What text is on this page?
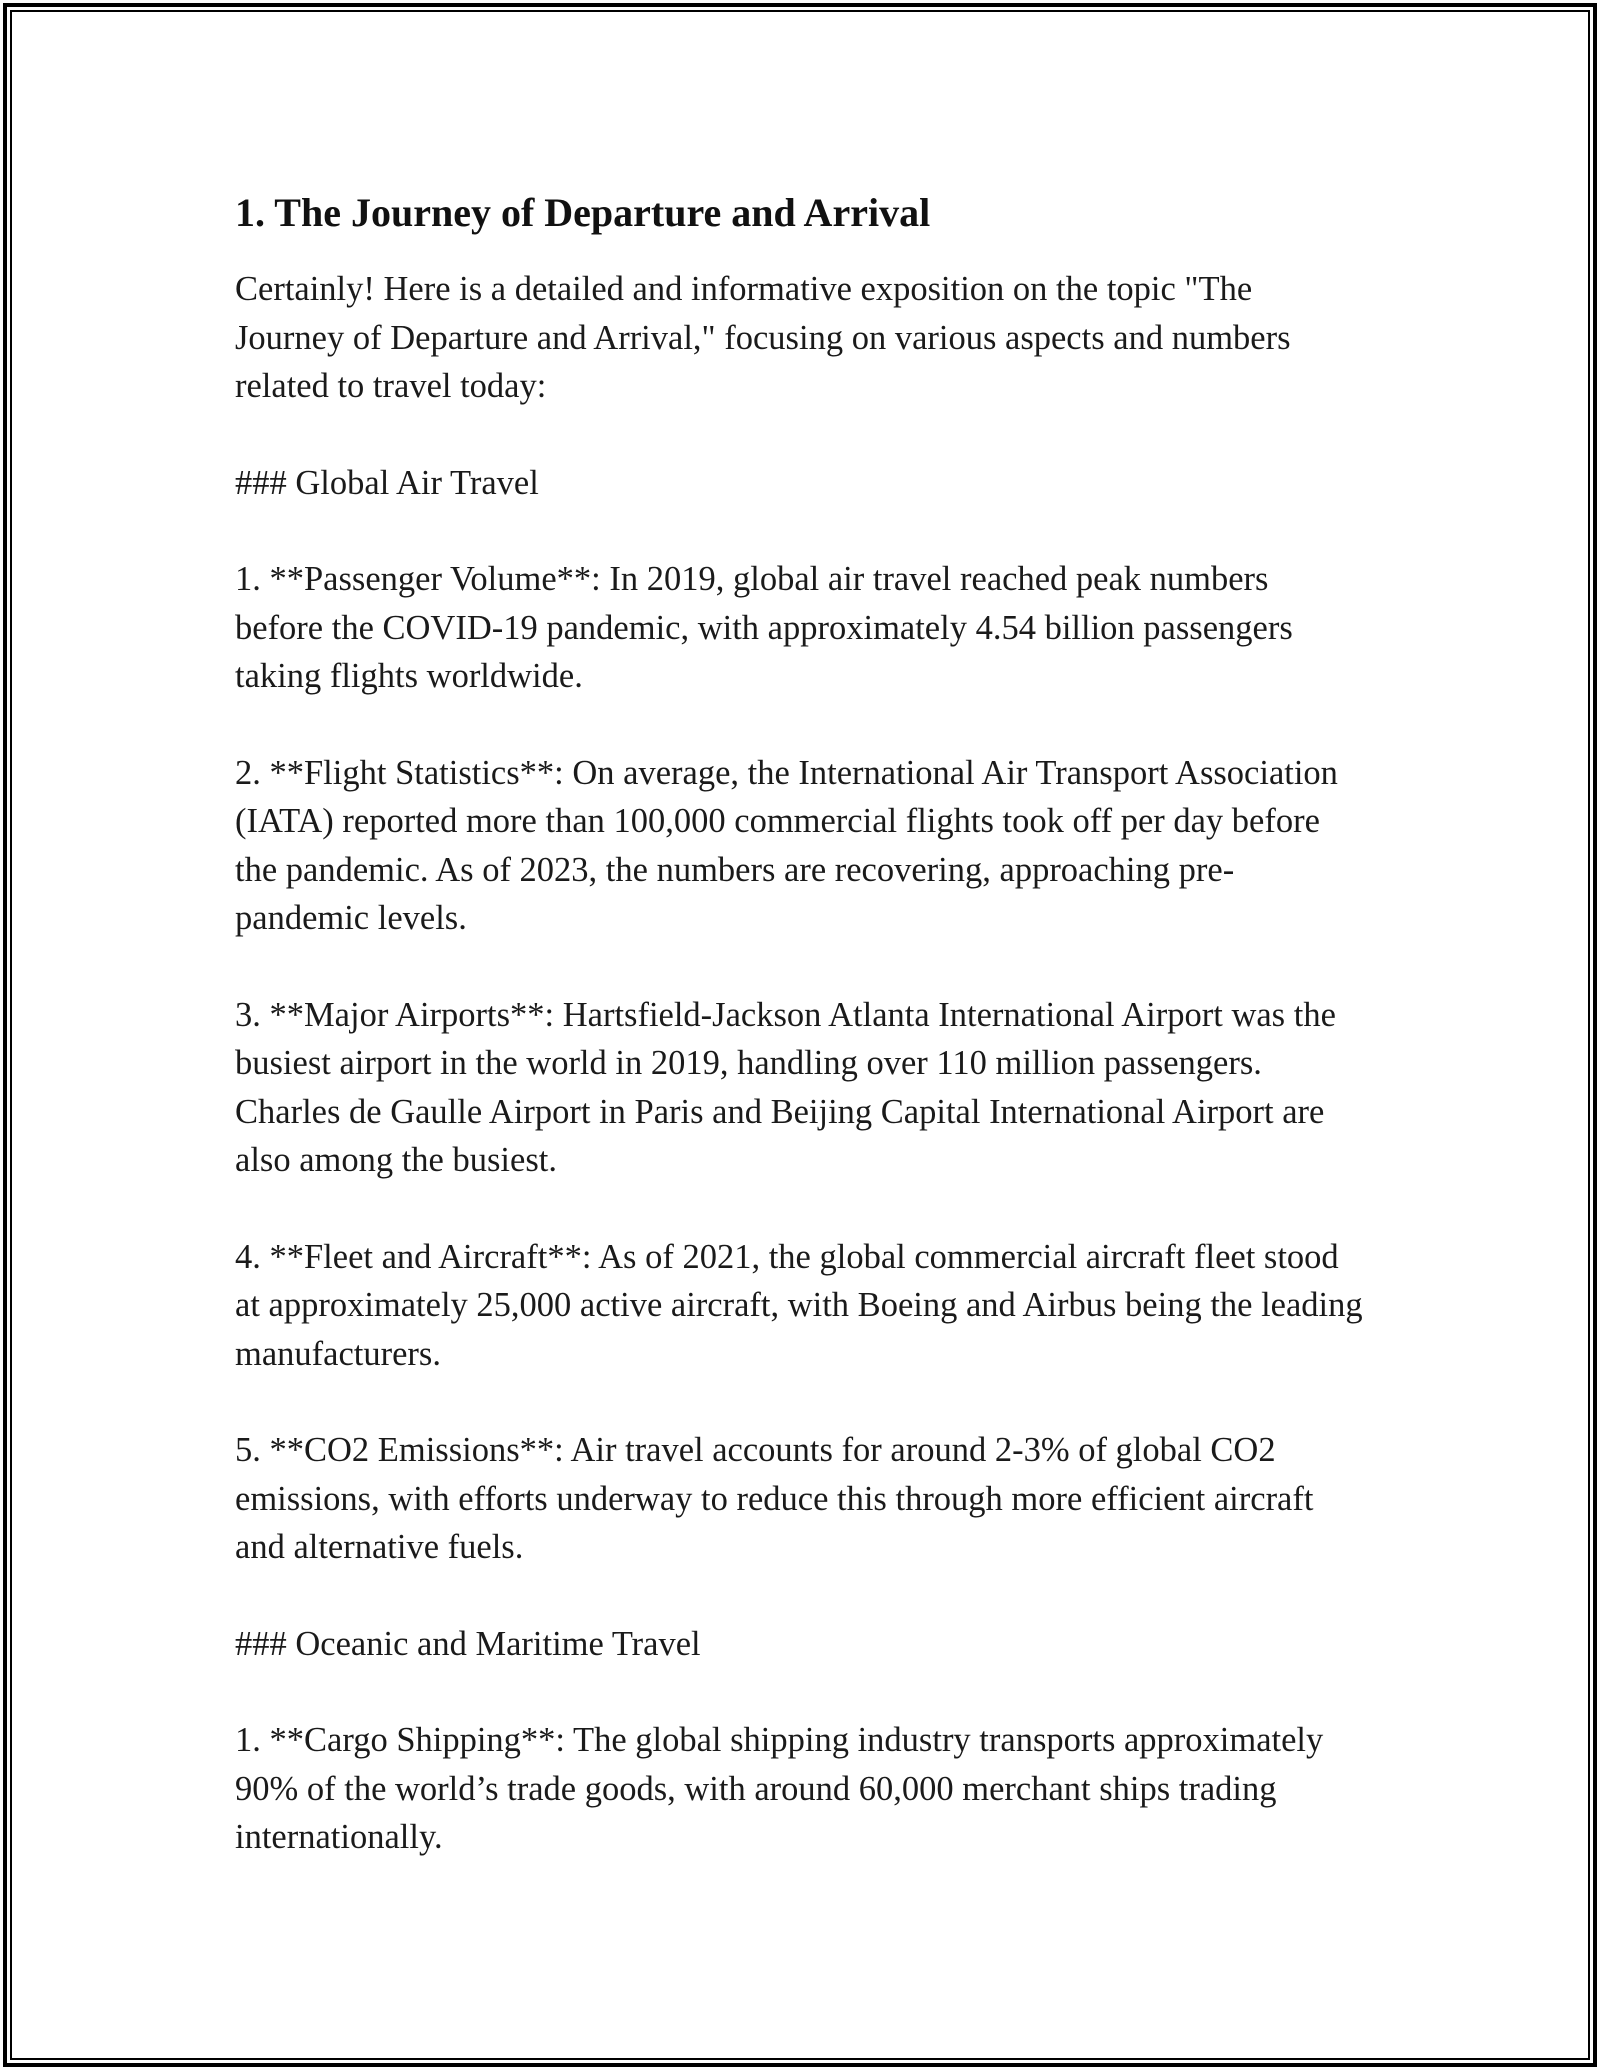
1. The Journey of Departure and Arrival

Certainly! Here is a detailed and informative exposition on the topic "The Journey of Departure and Arrival," focusing on various aspects and numbers related to travel today:

### Global Air Travel

1. **Passenger Volume**: In 2019, global air travel reached peak numbers before the COVID-19 pandemic, with approximately 4.54 billion passengers taking flights worldwide.

2. **Flight Statistics**: On average, the International Air Transport Association (IATA) reported more than 100,000 commercial flights took off per day before the pandemic. As of 2023, the numbers are recovering, approaching pre-pandemic levels.

3. **Major Airports**: Hartsfield-Jackson Atlanta International Airport was the busiest airport in the world in 2019, handling over 110 million passengers. Charles de Gaulle Airport in Paris and Beijing Capital International Airport are also among the busiest.

4. **Fleet and Aircraft**: As of 2021, the global commercial aircraft fleet stood at approximately 25,000 active aircraft, with Boeing and Airbus being the leading manufacturers.

5. **CO2 Emissions**: Air travel accounts for around 2-3% of global CO2 emissions, with efforts underway to reduce this through more efficient aircraft and alternative fuels.

### Oceanic and Maritime Travel

1. **Cargo Shipping**: The global shipping industry transports approximately 90% of the world’s trade goods, with around 60,000 merchant ships trading internationally.
